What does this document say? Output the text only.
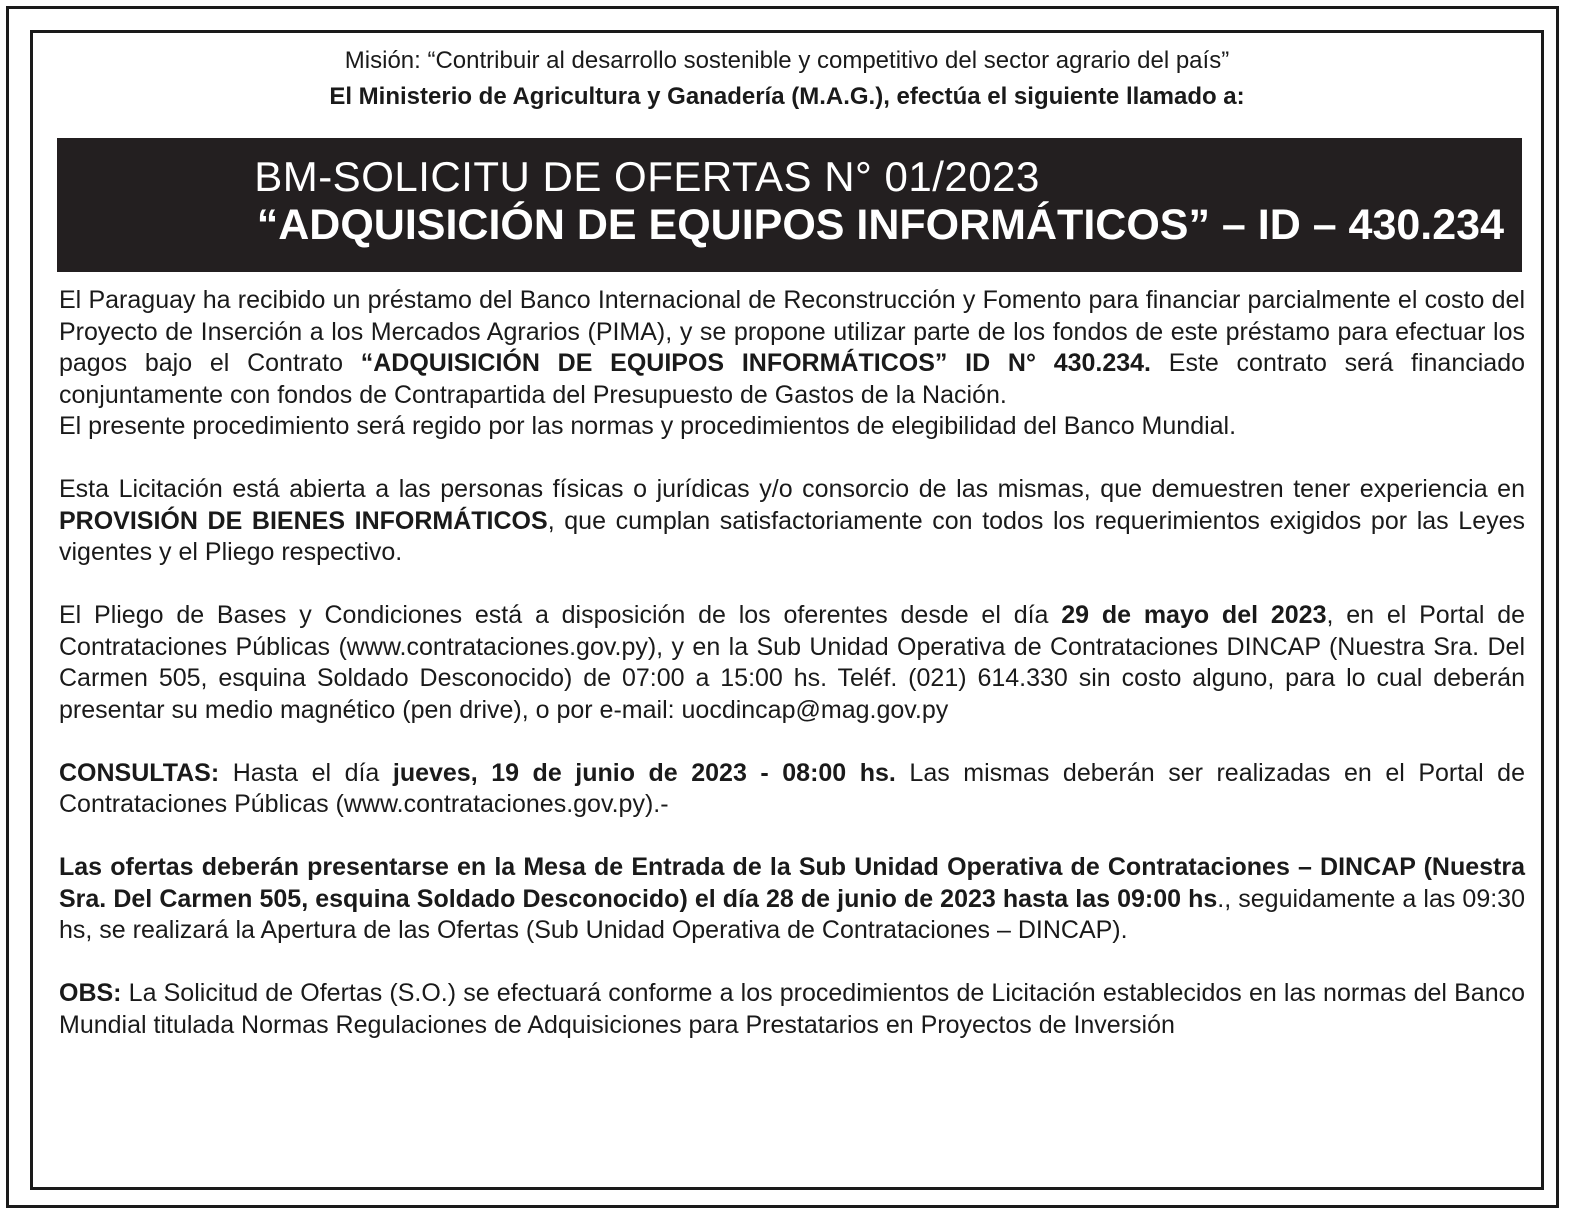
Misión: “Contribuir al desarrollo sostenible y competitivo del sector agrario del país”
El Ministerio de Agricultura y Ganadería (M.A.G.), efectúa el siguiente llamado a:
BM-SOLICITU DE OFERTAS N° 01/2023
“ADQUISICIÓN DE EQUIPOS INFORMÁTICOS” – ID – 430.234

El Paraguay ha recibido un préstamo del Banco Internacional de Reconstrucción y Fomento para financiar parcialmente el costo del Proyecto de Inserción a los Mercados Agrarios (PIMA), y se propone utilizar parte de los fondos de este préstamo para efectuar los pagos bajo el Contrato “ADQUISICIÓN DE EQUIPOS INFORMÁTICOS” ID N° 430.234. Este contrato será financiado conjuntamente con fondos de Contrapartida del Presupuesto de Gastos de la Nación.

El presente procedimiento será regido por las normas y procedimientos de elegibilidad del Banco Mundial.

Esta Licitación está abierta a las personas físicas o jurídicas y/o consorcio de las mismas, que demuestren tener experiencia en PROVISIÓN DE BIENES INFORMÁTICOS, que cumplan satisfactoriamente con todos los requerimientos exigidos por las Leyes vigentes y el Pliego respectivo.

El Pliego de Bases y Condiciones está a disposición de los oferentes desde el día 29 de mayo del 2023, en el Portal de Contrataciones Públicas (www.contrataciones.gov.py), y en la Sub Unidad Operativa de Contrataciones DINCAP (Nuestra Sra. Del Carmen 505, esquina Soldado Desconocido) de 07:00 a 15:00 hs. Teléf. (021) 614.330 sin costo alguno, para lo cual deberán presentar su medio magnético (pen drive), o por e-mail: uocdincap@mag.gov.py

CONSULTAS: Hasta el día jueves, 19 de junio de 2023 - 08:00 hs. Las mismas deberán ser realizadas en el Portal de Contrataciones Públicas (www.contrataciones.gov.py).-

Las ofertas deberán presentarse en la Mesa de Entrada de la Sub Unidad Operativa de Contrataciones – DINCAP (Nuestra Sra. Del Carmen 505, esquina Soldado Desconocido) el día 28 de junio de 2023 hasta las 09:00 hs., seguidamente a las 09:30 hs, se realizará la Apertura de las Ofertas (Sub Unidad Operativa de Contrataciones – DINCAP).

OBS: La Solicitud de Ofertas (S.O.) se efectuará conforme a los procedimientos de Licitación establecidos en las normas del Banco Mundial titulada Normas Regulaciones de Adquisiciones para Prestatarios en Proyectos de Inversión
